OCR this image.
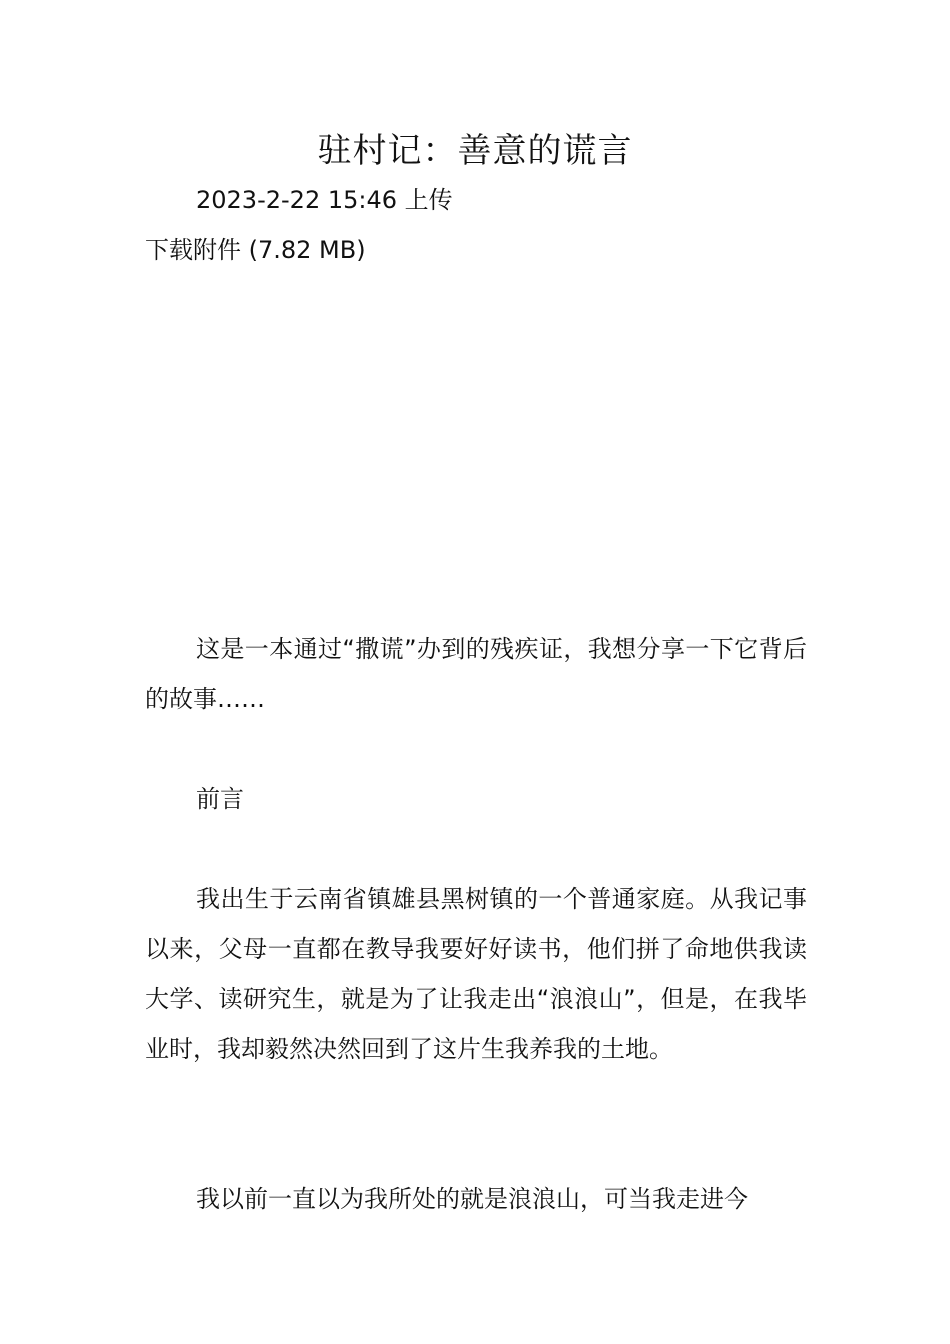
驻村记：善意的谎言
2023-2-22 15:46 上传
下载附件 (7.82 MB)

这是一本通过“撒谎”办到的残疾证，我想分享一下它背后的故事……

前言

我出生于云南省镇雄县黑树镇的一个普通家庭。从我记事以来，父母一直都在教导我要好好读书，他们拼了命地供我读大学、读研究生，就是为了让我走出“浪浪山”，但是，在我毕业时，我却毅然决然回到了这片生我养我的土地。

我以前一直以为我所处的就是浪浪山，可当我走进今
